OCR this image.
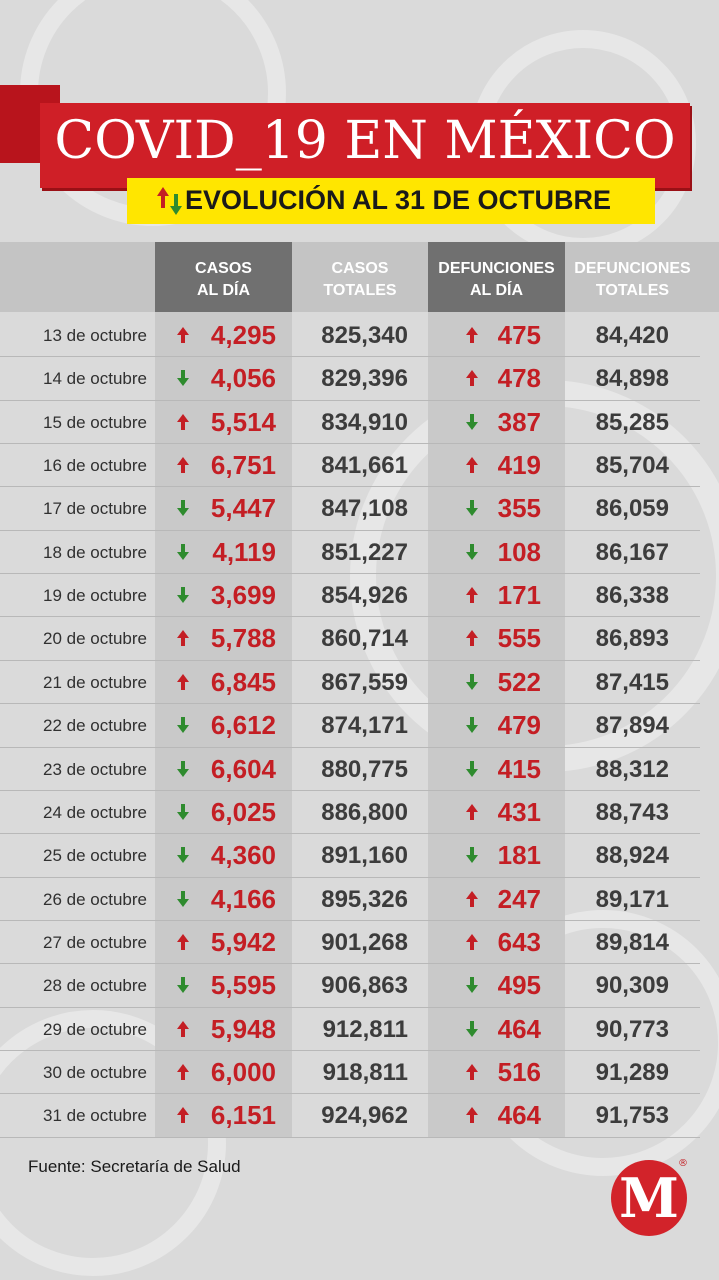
COVID_19 EN MÉXICO
EVOLUCIÓN AL 31 DE OCTUBRE
CASOS
AL DÍA
CASOS
TOTALES
DEFUNCIONES
AL DÍA
DEFUNCIONES
TOTALES
13 de octubre	4,295	825,340	475	84,420
14 de octubre	4,056	829,396	478	84,898
15 de octubre	5,514	834,910	387	85,285
16 de octubre	6,751	841,661	419	85,704
17 de octubre	5,447	847,108	355	86,059
18 de octubre	4,119	851,227	108	86,167
19 de octubre	3,699	854,926	171	86,338
20 de octubre	5,788	860,714	555	86,893
21 de octubre	6,845	867,559	522	87,415
22 de octubre	6,612	874,171	479	87,894
23 de octubre	6,604	880,775	415	88,312
24 de octubre	6,025	886,800	431	88,743
25 de octubre	4,360	891,160	181	88,924
26 de octubre	4,166	895,326	247	89,171
27 de octubre	5,942	901,268	643	89,814
28 de octubre	5,595	906,863	495	90,309
29 de octubre	5,948	912,811	464	90,773
30 de octubre	6,000	918,811	516	91,289
31 de octubre	6,151	924,962	464	91,753
Fuente: Secretaría de Salud	M
®
